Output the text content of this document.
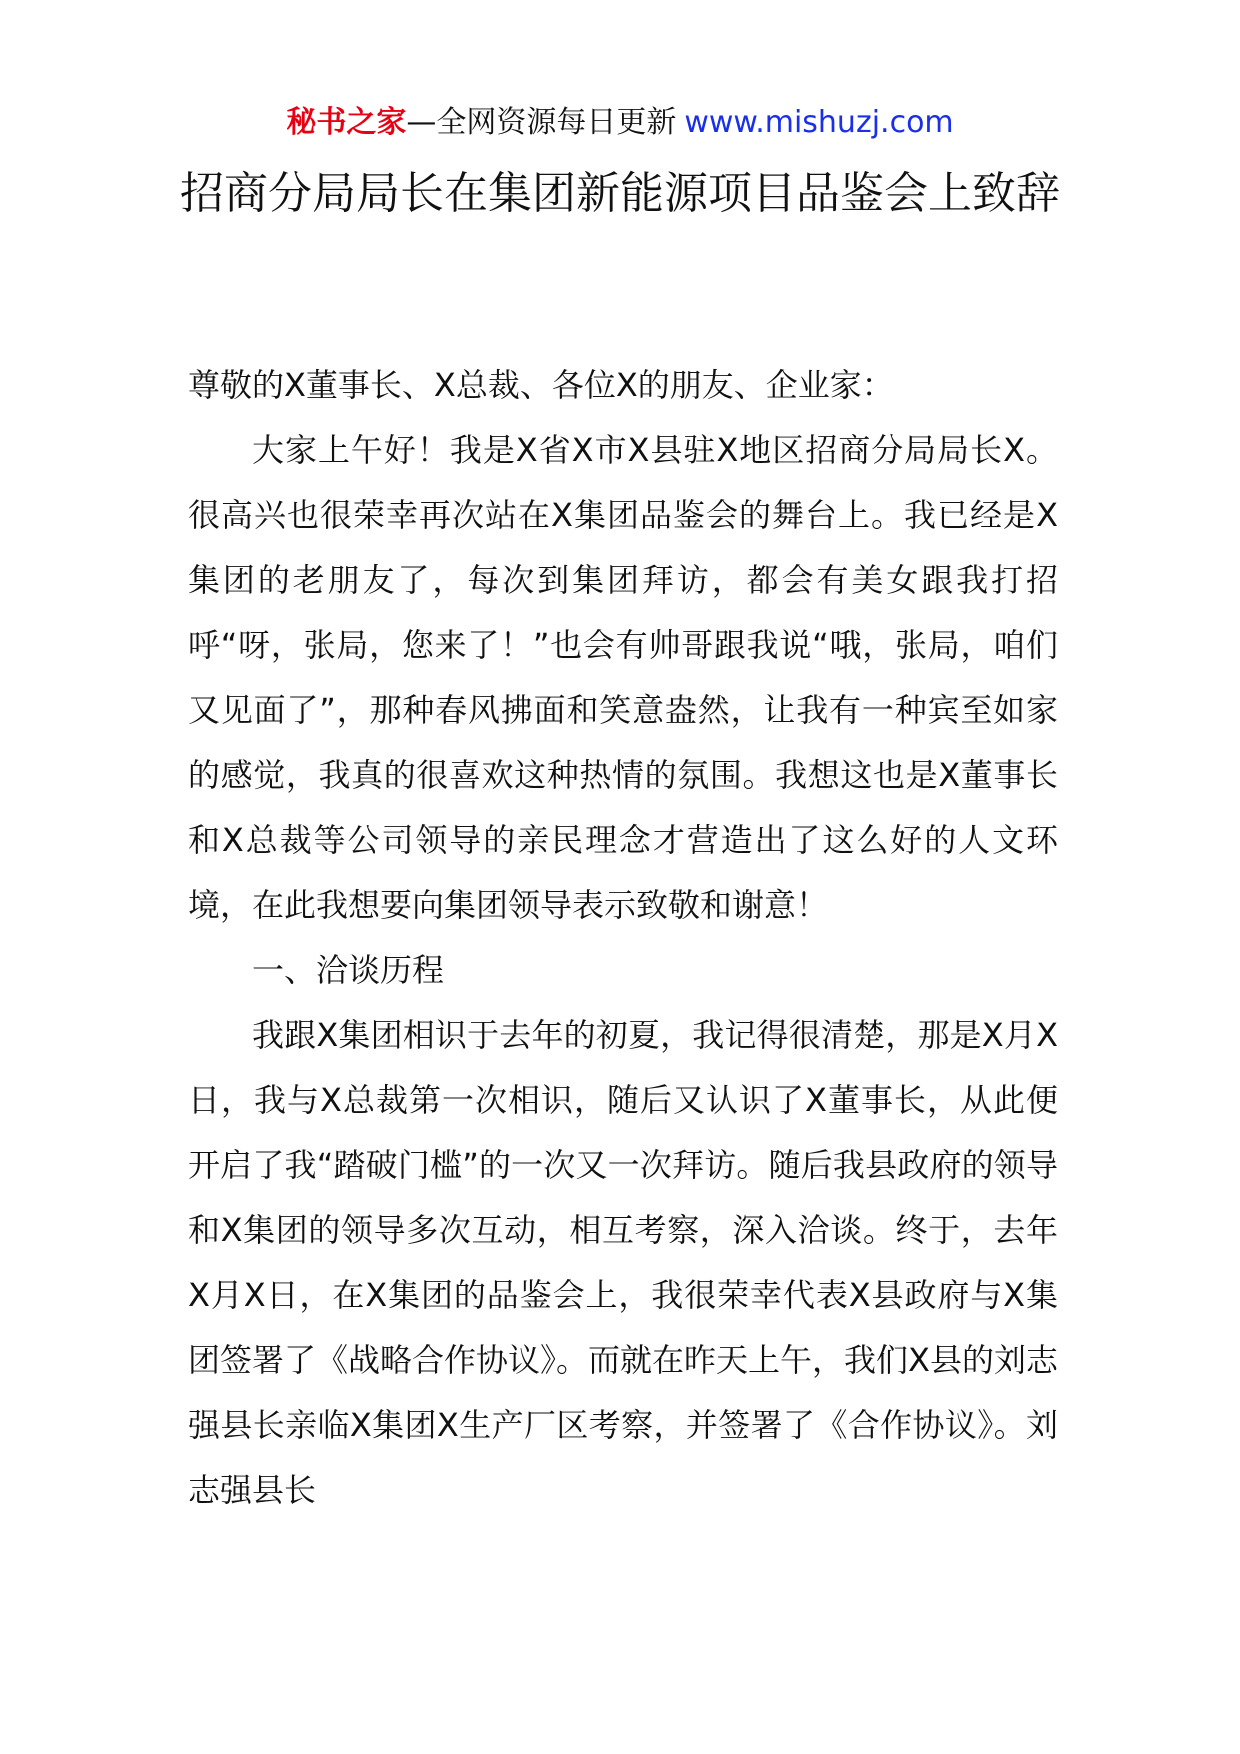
秘书之家—全网资源每日更新 www.mishuzj.com
招商分局局长在集团新能源项目品鉴会上致辞

尊敬的X董事长、X总裁、各位X的朋友、企业家：

大家上午好！我是X省X市X县驻X地区招商分局局长X。很高兴也很荣幸再次站在X集团品鉴会的舞台上。我已经是X集团的老朋友了，每次到集团拜访，都会有美女跟我打招呼“呀，张局，您来了！”也会有帅哥跟我说“哦，张局，咱们又见面了”，那种春风拂面和笑意盎然，让我有一种宾至如家的感觉，我真的很喜欢这种热情的氛围。我想这也是X董事长和X总裁等公司领导的亲民理念才营造出了这么好的人文环境，在此我想要向集团领导表示致敬和谢意！

一、洽谈历程

我跟X集团相识于去年的初夏，我记得很清楚，那是X月X日，我与X总裁第一次相识，随后又认识了X董事长，从此便开启了我“踏破门槛”的一次又一次拜访。随后我县政府的领导和X集团的领导多次互动，相互考察，深入洽谈。终于，去年X月X日，在X集团的品鉴会上，我很荣幸代表X县政府与X集团签署了《战略合作协议》。而就在昨天上午，我们X县的刘志强县长亲临X集团X生产厂区考察，并签署了《合作协议》。刘志强县长
